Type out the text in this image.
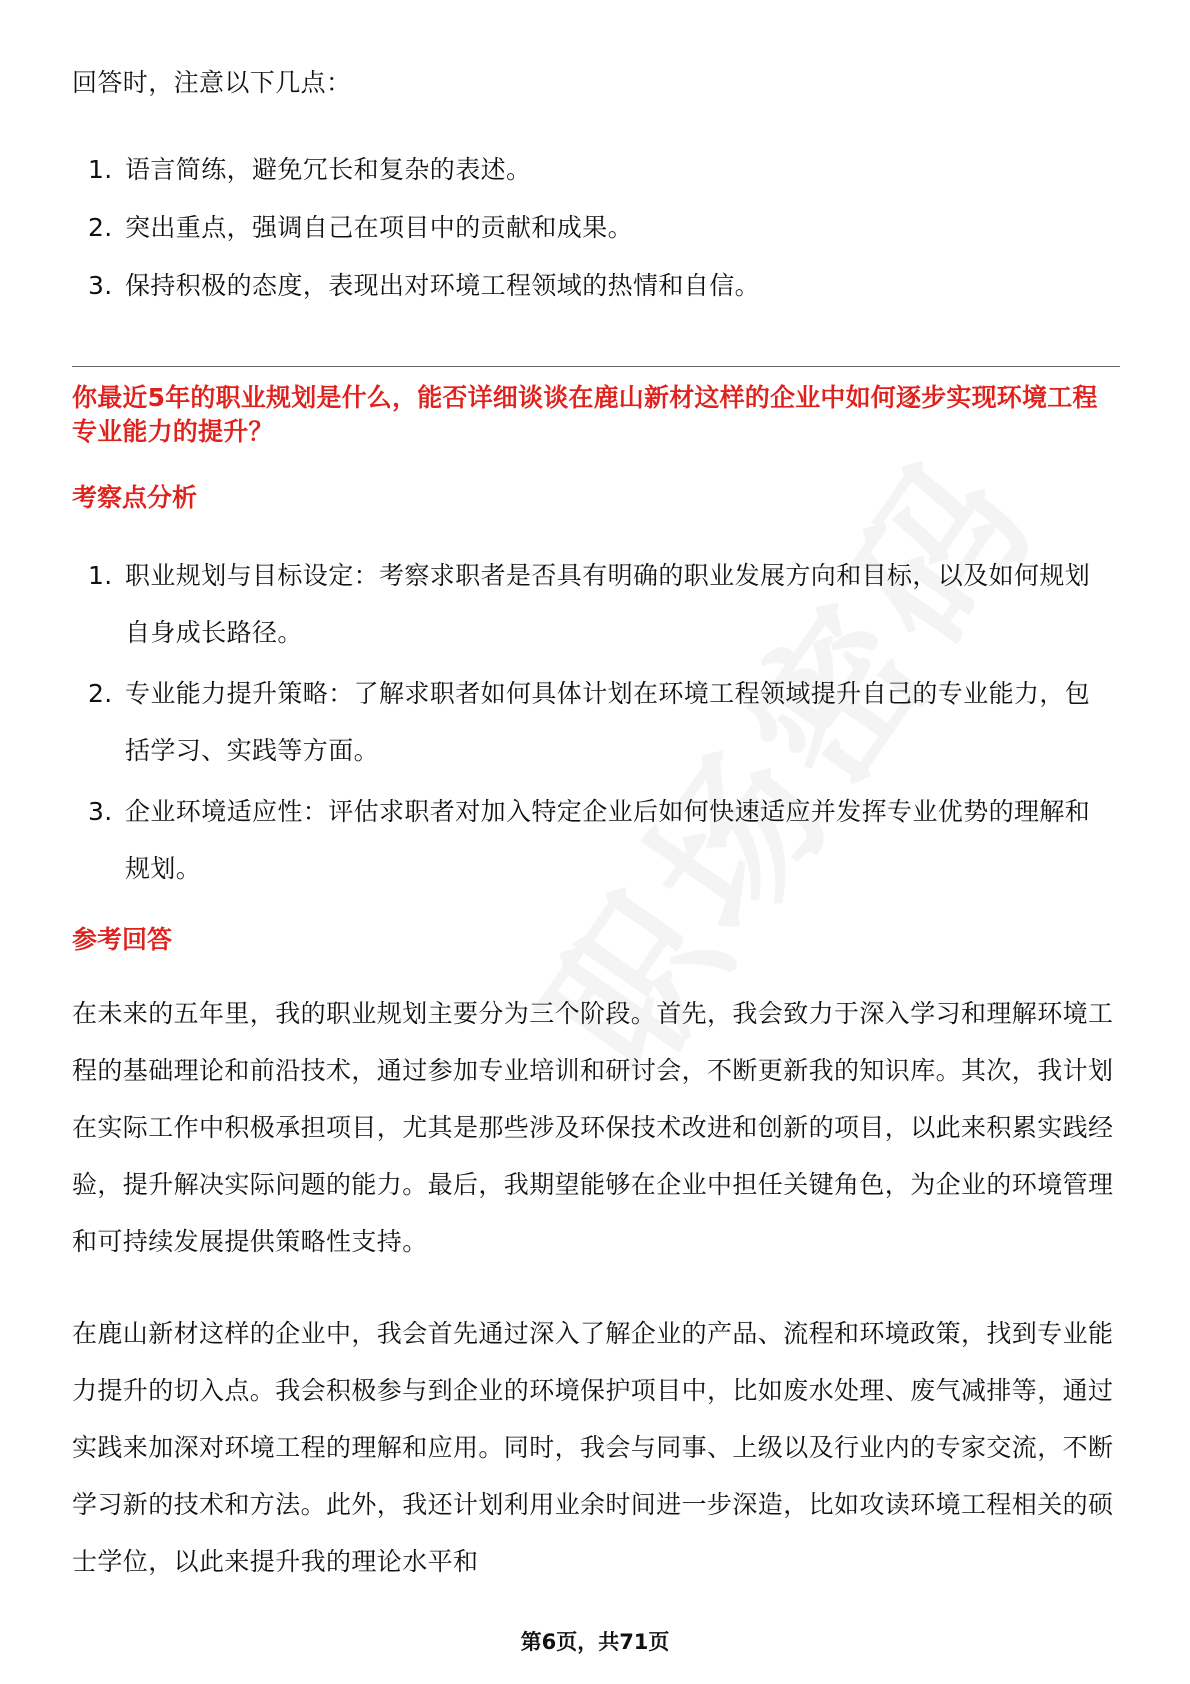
回答时，注意以下几点：

1. 语言简练，避免冗长和复杂的表述。
2. 突出重点，强调自己在项目中的贡献和成果。
3. 保持积极的态度，表现出对环境工程领域的热情和自信。
你最近5年的职业规划是什么，能否详细谈谈在鹿山新材这样的企业中如何逐步实现环境工程专业能力的提升？
考察点分析
1. 职业规划与目标设定：考察求职者是否具有明确的职业发展方向和目标，以及如何规划自身成长路径。
2. 专业能力提升策略：了解求职者如何具体计划在环境工程领域提升自己的专业能力，包括学习、实践等方面。
3. 企业环境适应性：评估求职者对加入特定企业后如何快速适应并发挥专业优势的理解和规划。
参考回答

在未来的五年里，我的职业规划主要分为三个阶段。首先，我会致力于深入学习和理解环境工程的基础理论和前沿技术，通过参加专业培训和研讨会，不断更新我的知识库。其次，我计划在实际工作中积极承担项目，尤其是那些涉及环保技术改进和创新的项目，以此来积累实践经验，提升解决实际问题的能力。最后，我期望能够在企业中担任关键角色，为企业的环境管理和可持续发展提供策略性支持。

在鹿山新材这样的企业中，我会首先通过深入了解企业的产品、流程和环境政策，找到专业能力提升的切入点。我会积极参与到企业的环境保护项目中，比如废水处理、废气减排等，通过实践来加深对环境工程的理解和应用。同时，我会与同事、上级以及行业内的专家交流，不断学习新的技术和方法。此外，我还计划利用业余时间进一步深造，比如攻读环境工程相关的硕士学位，以此来提升我的理论水平和

第6页，共71页
